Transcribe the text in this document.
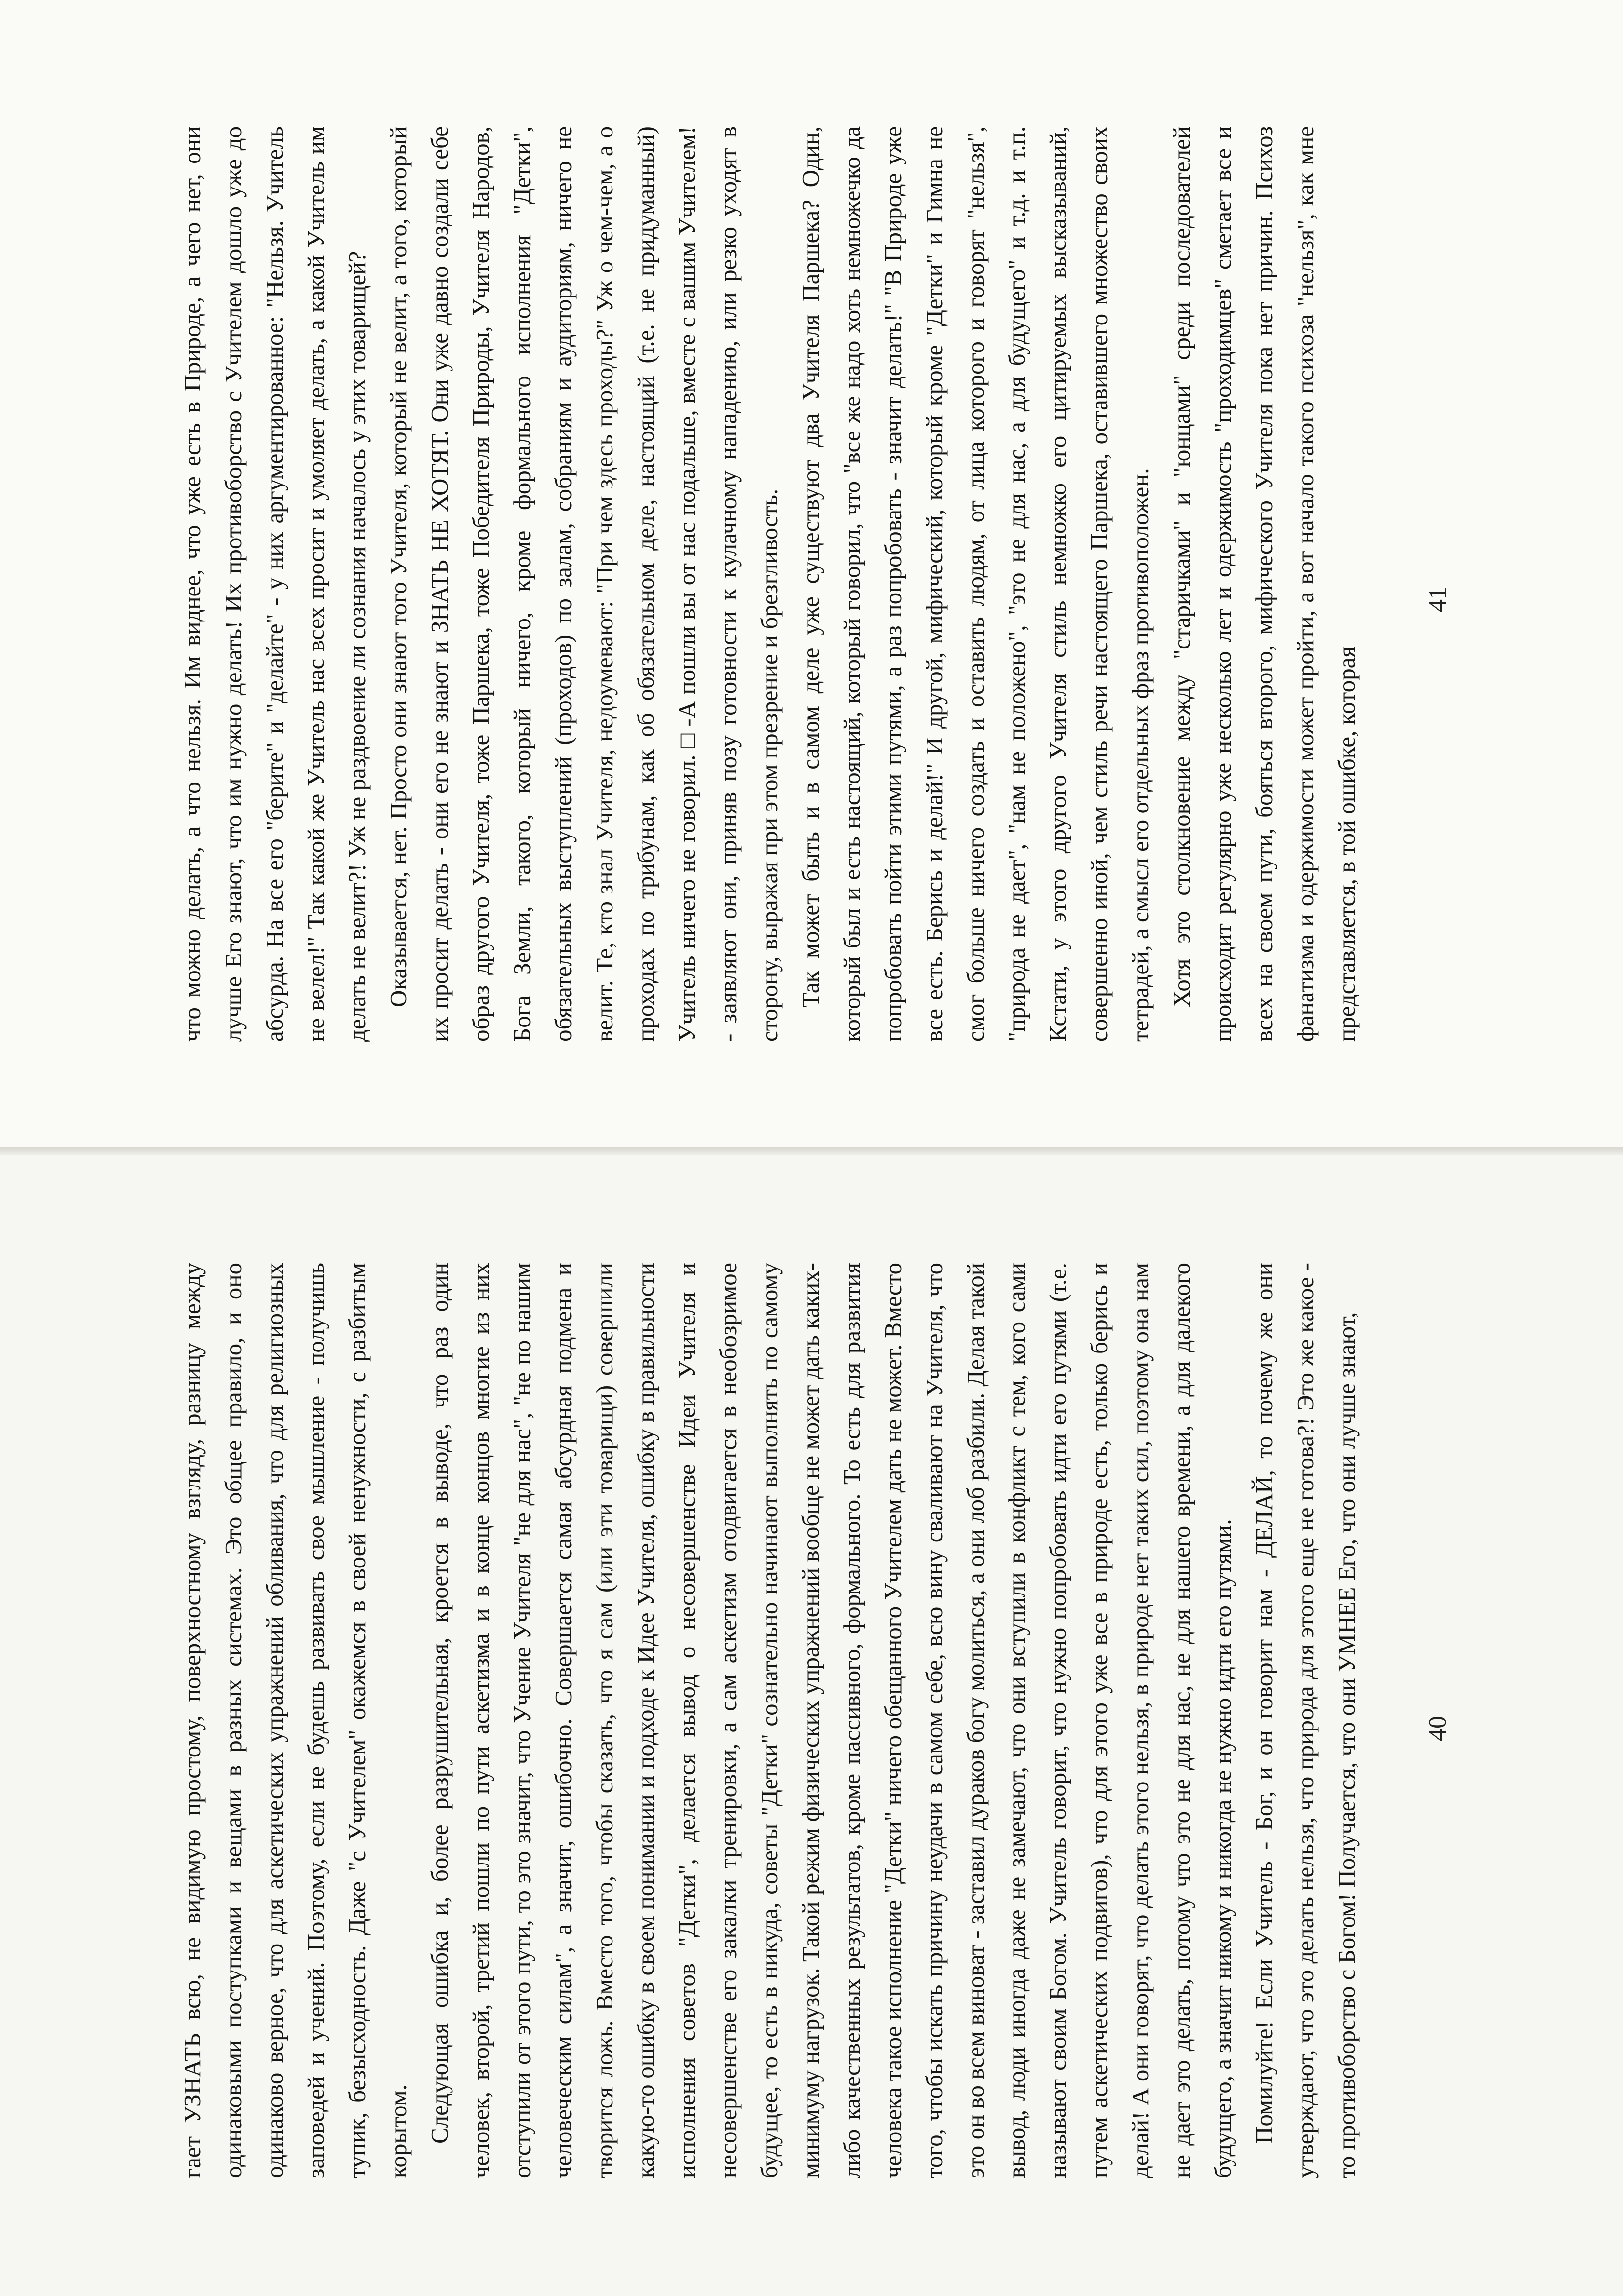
гает УЗНАТЬ всю, не видимую простому, поверхностному взгляду, разницу между одинаковыми поступками и вещами в разных системах. Это общее правило, и оно одинаково верное, что для аскетических упражнений обливания, что для религиозных заповедей и учений. Поэтому, если не будешь развивать свое мышление - получишь тупик, безысходность. Даже "с Учителем" окажемся в своей ненужности, с разбитым корытом. Следующая ошибка и, более разрушительная, кроется в выводе, что раз один человек, второй, третий пошли по пути аскетизма и в конце концов многие из них отступили от этого пути, то это значит, что Учение Учителя "не для нас", "не по нашим человеческим силам", а значит, ошибочно. Совершается самая абсурдная подмена и творится ложь. Вместо того, чтобы сказать, что я сам (или эти товарищи) совершили какую-то ошибку в своем понимании и подходе к Идее Учителя, ошибку в правильности исполнения советов "Детки", делается вывод о несовершенстве Идеи Учителя и несовершенстве его закалки тренировки, а сам аскетизм отодвигается в необозримое будущее, то есть в никуда, советы "Детки" сознательно начинают выполнять по самому минимуму нагрузок. Такой режим физических упражнений вообще не может дать каких-либо качественных результатов, кроме пассивного, формального. То есть для развития человека такое исполнение "Детки" ничего обещанного Учителем дать не может. Вместо того, чтобы искать причину неудачи в самом себе, всю вину сваливают на Учителя, что это он во всем виноват - заставил дураков богу молиться, а они лоб разбили. Делая такой вывод, люди иногда даже не замечают, что они вступили в конфликт с тем, кого сами называют своим Богом. Учитель говорит, что нужно попробовать идти его путями (т.е. путем аскетических подвигов), что для этого уже все в природе есть, только берись и делай! А они говорят, что делать этого нельзя, в природе нет таких сил, поэтому она нам не дает это делать, потому что это не для нас, не для нашего времени, а для далекого будущего, а значит никому и никогда не нужно идти его путями. Помилуйте! Если Учитель - Бог, и он говорит нам - ДЕЛАЙ, то почему же они утверждают, что это делать нельзя, что природа для этого еще не готова?! Это же какое - то противоборство с Богом! Получается, что они УМНЕЕ Его, что они лучше знают,	40

что можно делать, а что нельзя. Им виднее, что уже есть в Природе, а чего нет, они лучше Его знают, что им нужно делать! Их противоборство с Учителем дошло уже до абсурда. На все его "берите" и "делайте" - у них аргументированное: "Нельзя. Учитель не велел!" Так какой же Учитель нас всех просит и умоляет делать, а какой Учитель им делать не велит?! Уж не раздвоение ли сознания началось у этих товарищей? Оказывается, нет. Просто они знают того Учителя, который не велит, а того, который их просит делать - они его не знают и ЗНАТЬ НЕ ХОТЯТ. Они уже давно создали себе образ другого Учителя, тоже Паршека, тоже Победителя Природы, Учителя Народов, Бога Земли, такого, который ничего, кроме формального исполнения "Детки", обязательных выступлений (проходов) по залам, собраниям и аудиториям, ничего не велит. Те, кто знал Учителя, недоумевают: "При чем здесь проходы?" Уж о чем-чем, а о проходах по трибунам, как об обязательном деле, настоящий (т.е. не придуманный) Учитель ничего не говорил. □ -А пошли вы от нас подальше, вместе с вашим Учителем! - заявляют они, приняв позу готовности к кулачному нападению, или резко уходят в сторону, выражая при этом презрение и брезгливость. Так может быть и в самом деле уже существуют два Учителя Паршека? Один, который был и есть настоящий, который говорил, что "все же надо хоть немножечко да попробовать пойти этими путями, а раз попробовать - значит делать!" "В Природе уже все есть. Берись и делай!" И другой, мифический, который кроме "Детки" и Гимна не смог больше ничего создать и оставить людям, от лица которого и говорят "нельзя", "природа не дает", "нам не положено", "это не для нас, а для будущего" и т.д. и т.п. Кстати, у этого другого Учителя стиль немножко его цитируемых высказываний, совершенно иной, чем стиль речи настоящего Паршека, оставившего множество своих тетрадей, а смысл его отдельных фраз противоположен. Хотя это столкновение между "старичками" и "юнцами" среди последователей происходит регулярно уже несколько лет и одержимость "проходимцев" сметает все и всех на своем пути, бояться второго, мифического Учителя пока нет причин. Психоз фанатизма и одержимости может пройти, а вот начало такого психоза "нельзя", как мне представляется, в той ошибке, которая

41
